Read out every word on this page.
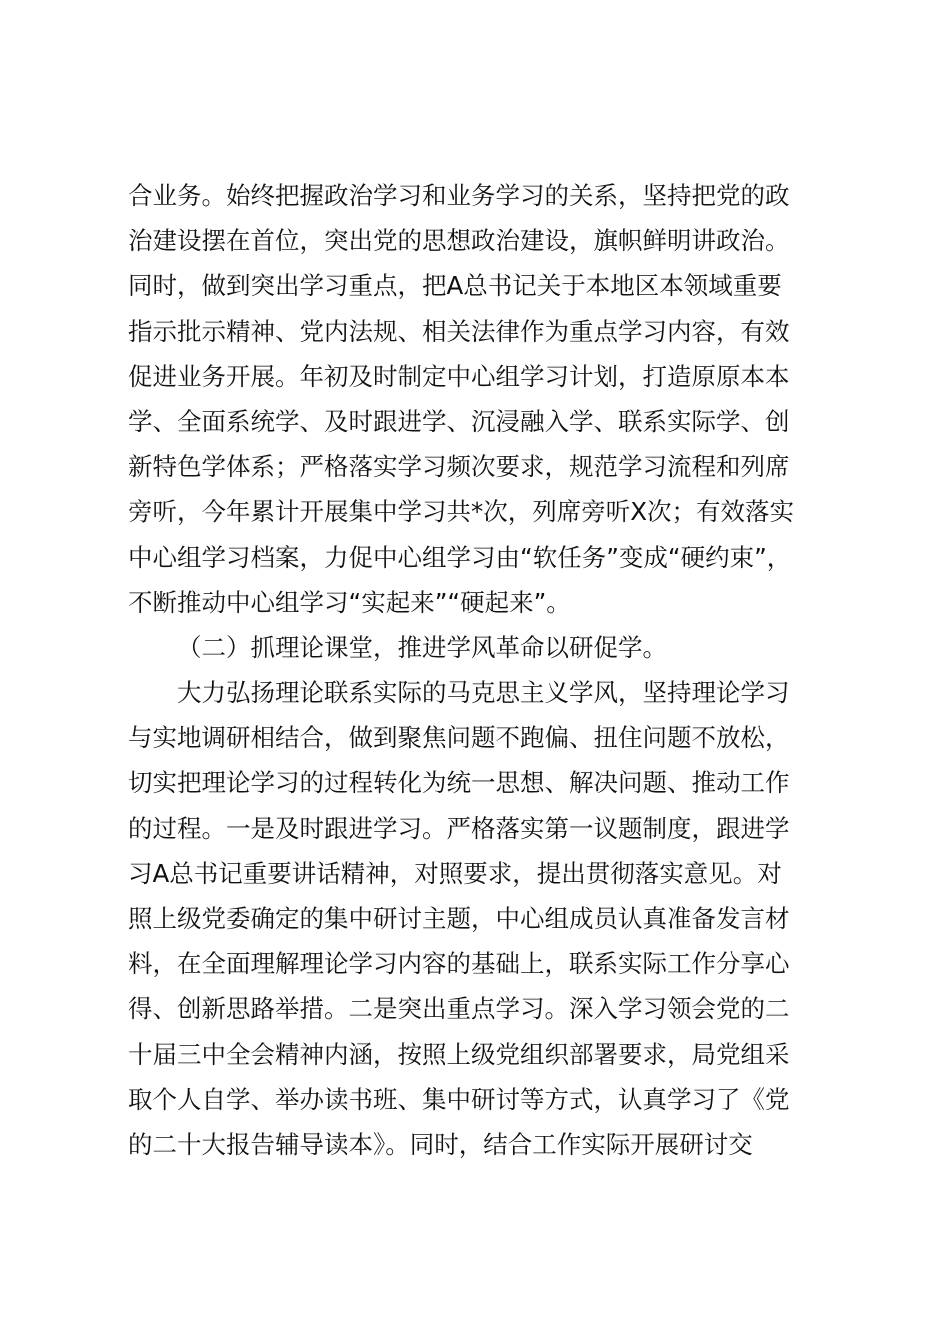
合业务。始终把握政治学习和业务学习的关系，坚持把党的政
治建设摆在首位，突出党的思想政治建设，旗帜鲜明讲政治。
同时，做到突出学习重点，把A总书记关于本地区本领域重要
指示批示精神、党内法规、相关法律作为重点学习内容，有效
促进业务开展。年初及时制定中心组学习计划，打造原原本本
学、全面系统学、及时跟进学、沉浸融入学、联系实际学、创
新特色学体系；严格落实学习频次要求，规范学习流程和列席
旁听，今年累计开展集中学习共*次，列席旁听X次；有效落实
中心组学习档案，力促中心组学习由“软任务”变成“硬约束”，
不断推动中心组学习“实起来”“硬起来”。
（二）抓理论课堂，推进学风革命以研促学。
大力弘扬理论联系实际的马克思主义学风，坚持理论学习
与实地调研相结合，做到聚焦问题不跑偏、扭住问题不放松，
切实把理论学习的过程转化为统一思想、解决问题、推动工作
的过程。一是及时跟进学习。严格落实第一议题制度，跟进学
习A总书记重要讲话精神，对照要求，提出贯彻落实意见。对
照上级党委确定的集中研讨主题，中心组成员认真准备发言材
料，在全面理解理论学习内容的基础上，联系实际工作分享心
得、创新思路举措。二是突出重点学习。深入学习领会党的二
十届三中全会精神内涵，按照上级党组织部署要求，局党组采
取个人自学、举办读书班、集中研讨等方式，认真学习了《党
的二十大报告辅导读本》。同时，结合工作实际开展研讨交
